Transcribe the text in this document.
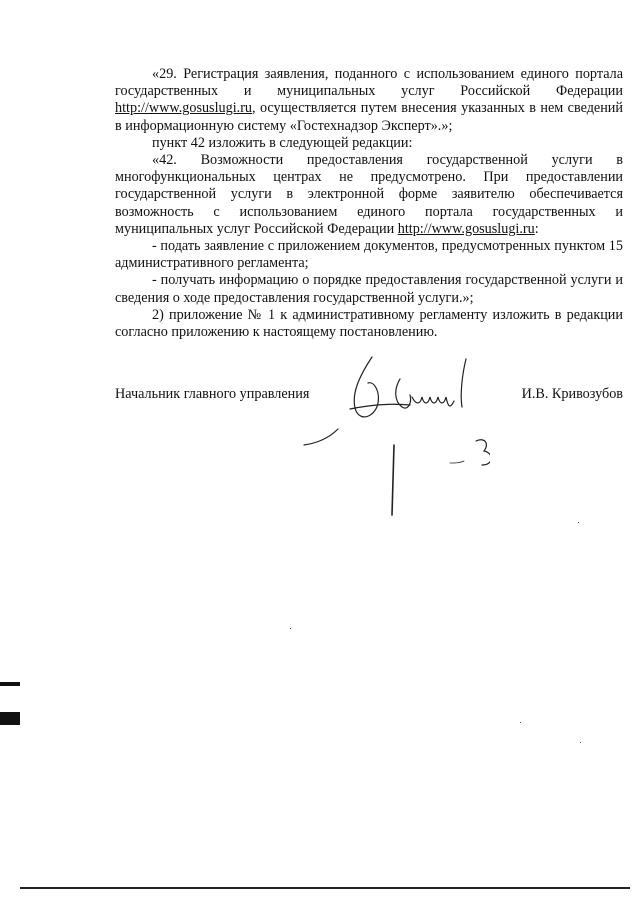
«29. Регистрация заявления, поданного с использованием единого портала государственных и муниципальных услуг Российской Федерации http://www.gosuslugi.ru, осуществляется путем внесения указанных в нем сведений в информационную систему «Гостехнадзор Эксперт».»;

пункт 42 изложить в следующей редакции:

«42. Возможности предоставления государственной услуги в многофункциональных центрах не предусмотрено. При предоставлении государственной услуги в электронной форме заявителю обеспечивается возможность с использованием единого портала государственных и муниципальных услуг Российской Федерации http://www.gosuslugi.ru:

- подать заявление с приложением документов, предусмотренных пунктом 15 административного регламента;

- получать информацию о порядке предоставления государственной услуги и сведения о ходе предоставления государственной услуги.»;

2) приложение № 1 к административному регламенту изложить в редакции согласно приложению к настоящему постановлению.

Начальник главного управления	И.В. Кривозубов
